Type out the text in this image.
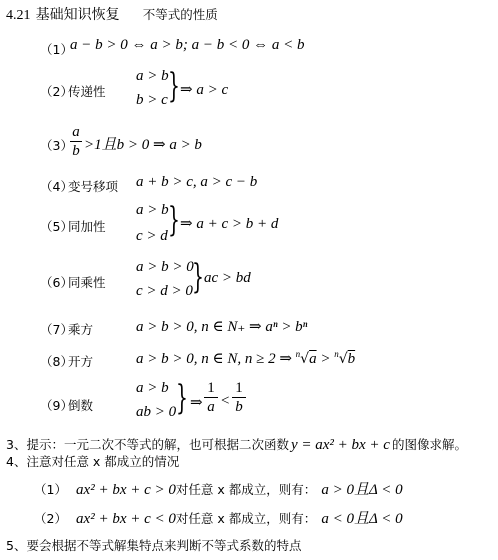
4.21 基础知识恢复 不等式的性质
（1）
a − b > 0 ⇔ a > b; a − b < 0 ⇔ a < b
（2）
传递性
a > b
b > c } ⇒ a > c
（3）
a
b >1且b > 0 ⇒ a > b
（4）
变号移项 a + b > c, a > c − b
（5）
同加性
a > b
c > d } ⇒ a + c > b + d
（6）
同乘性
a > b > 0
c > d > 0 } ac > bd
（7）
乘方	a > b > 0, n ∈ N₊ ⇒ aⁿ > bⁿ
（8）
开方	a > b > 0, n ∈ N, n ≥ 2 ⇒ $^n$√a > $^n$√b
（9）
倒数
a > b
ab > 0 } ⇒
1
a <
1
b
3、提示：一元二次不等式的解，也可根据二次函数 y = ax² + bx + c 的图像求解。
4、注意对任意 x 都成立的情况
（1） ax² + bx + c > 0对任意 x 都成立，则有： a > 0且Δ < 0
（2） ax² + bx + c < 0对任意 x 都成立，则有： a < 0且Δ < 0
5、要会根据不等式解集特点来判断不等式系数的特点
